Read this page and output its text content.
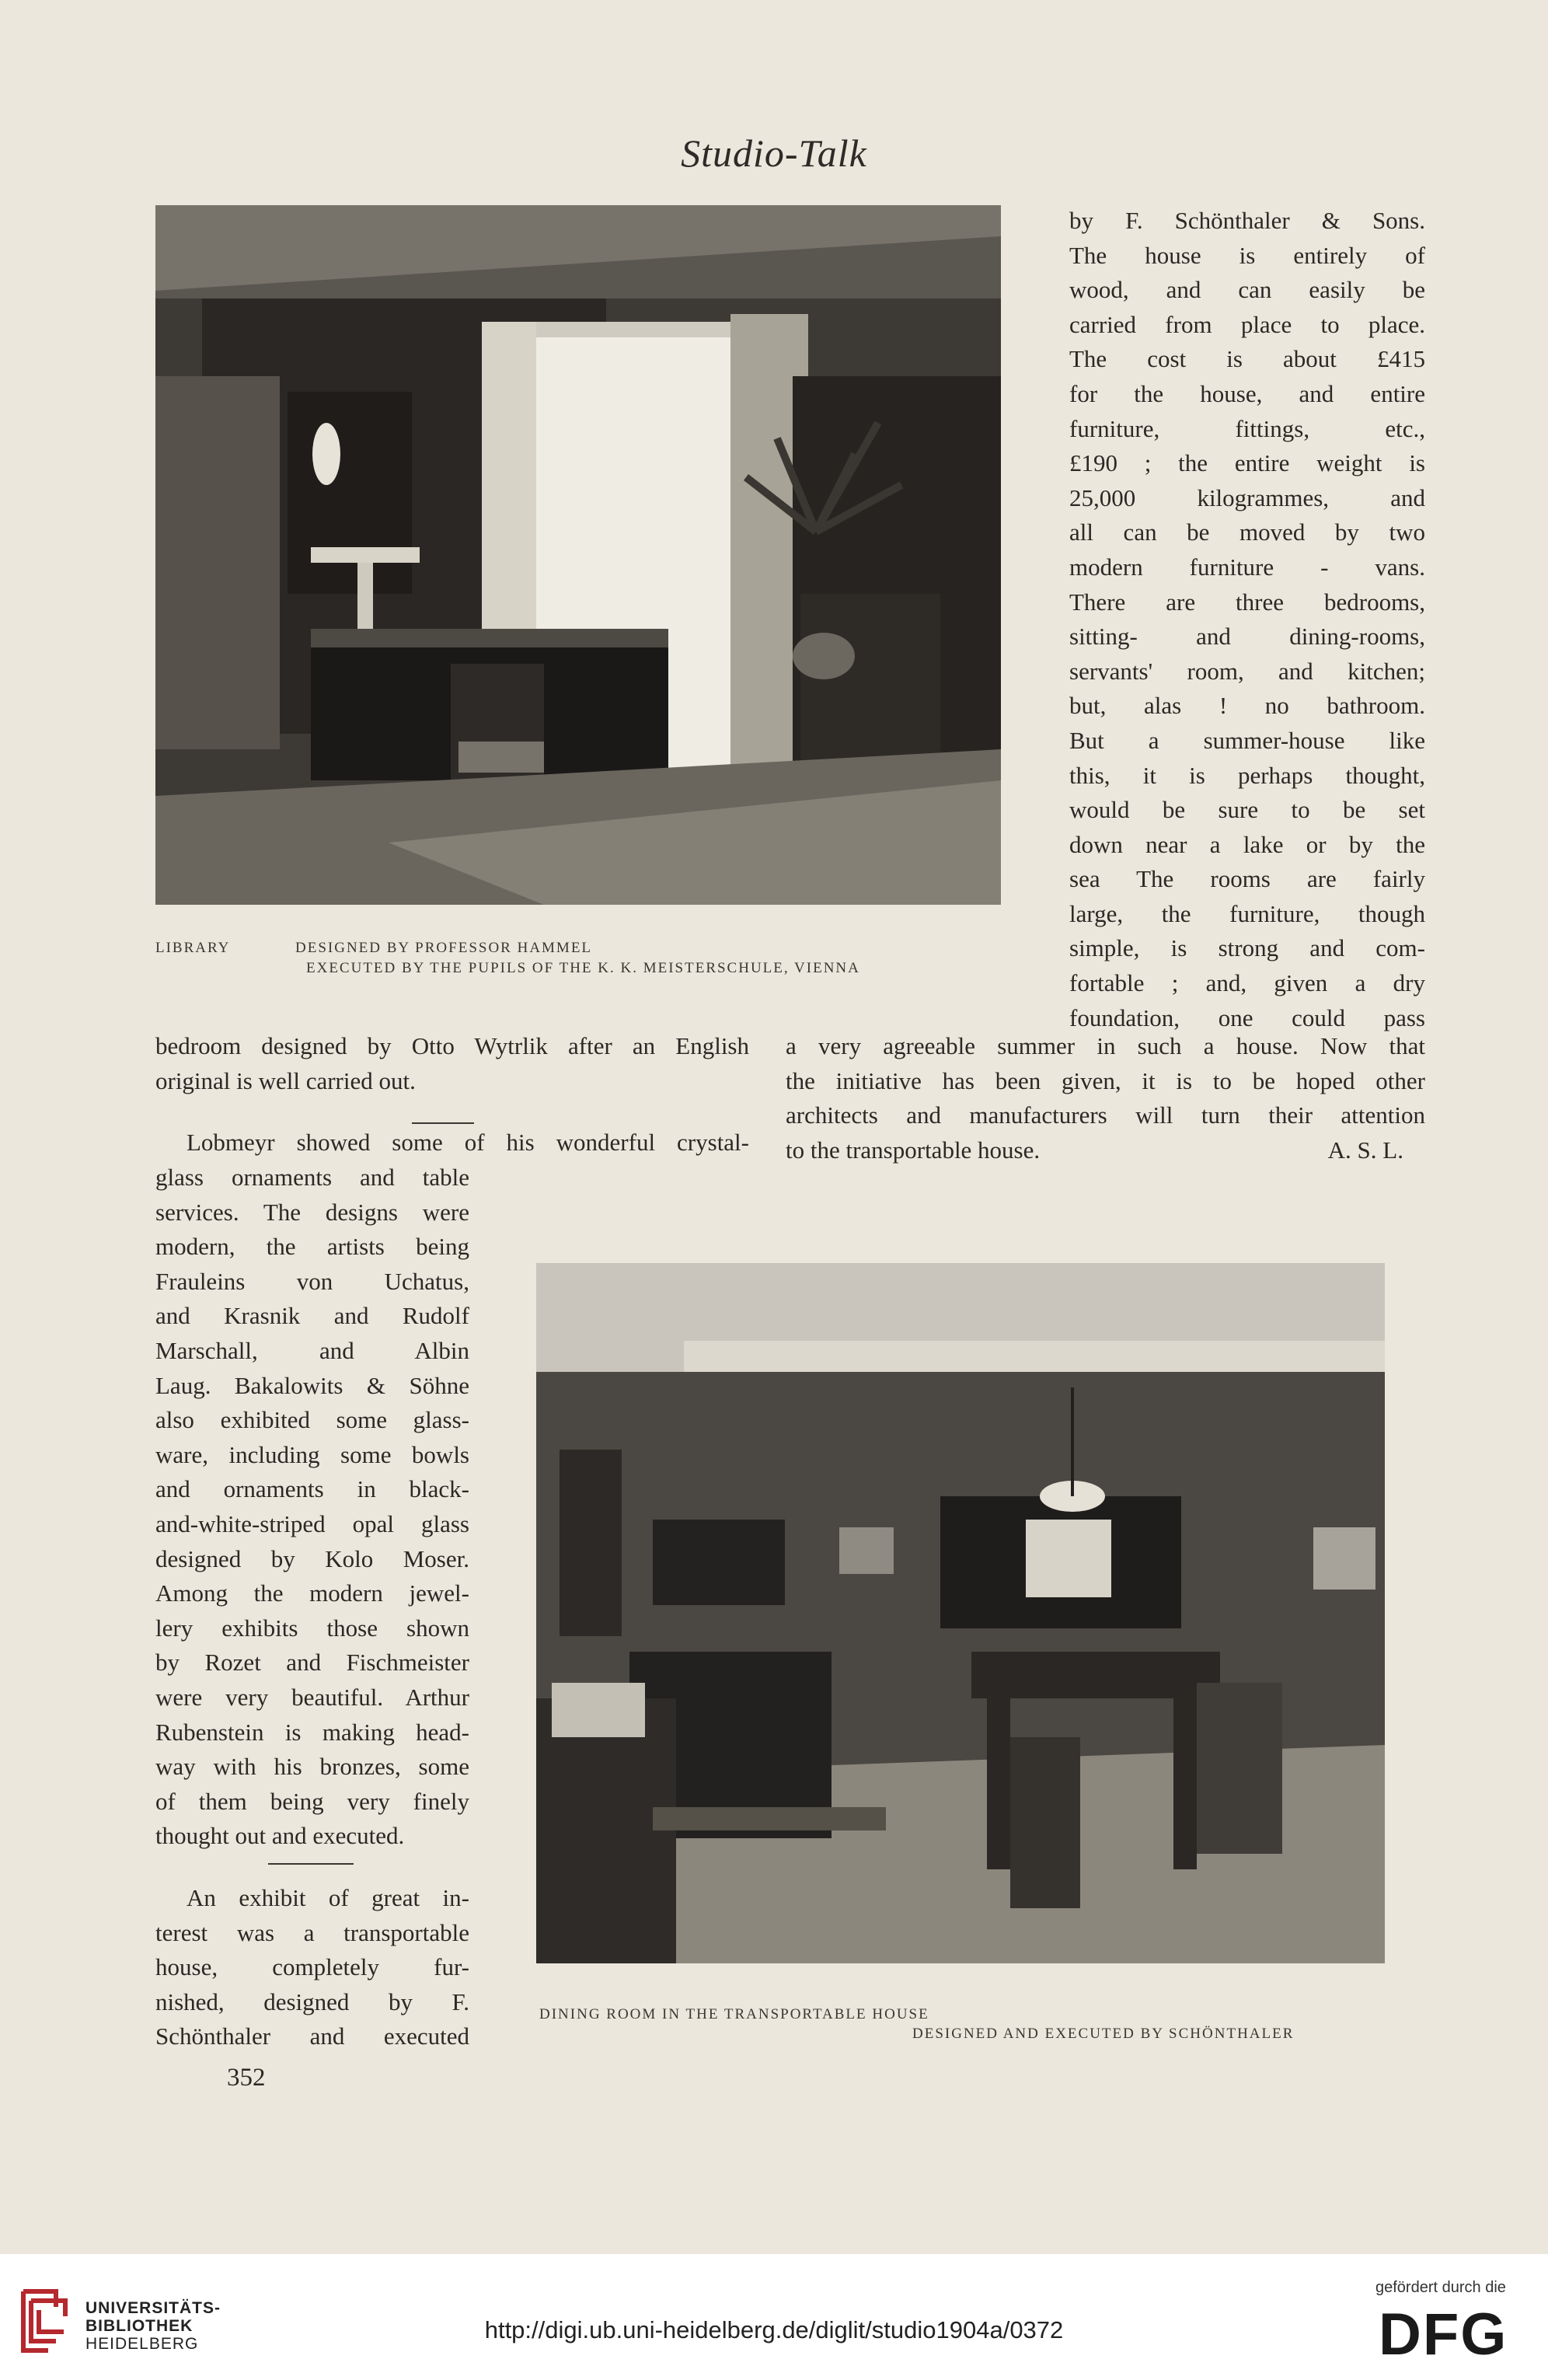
Studio-Talk
LIBRARY	DESIGNED BY PROFESSOR HAMMEL
EXECUTED BY THE PUPILS OF THE K. K. MEISTERSCHULE, VIENNA
by F. Schönthaler & Sons.
The house is entirely of
wood, and can easily be
carried from place to place.
The cost is about £415
for the house, and entire
furniture, fittings, etc.,
£190 ; the entire weight is
25,000 kilogrammes, and
all can be moved by two
modern furniture - vans.
There are three bedrooms,
sitting- and dining-rooms,
servants' room, and kitchen;
but, alas ! no bathroom.
But a summer-house like
this, it is perhaps thought,
would be sure to be set
down near a lake or by the
sea The rooms are fairly
large, the furniture, though
simple, is strong and com-
fortable ; and, given a dry
foundation, one could pass
a very agreeable summer in such a house. Now that
the initiative has been given, it is to be hoped other
architects and manufacturers will turn their attention
to the transportable house.	A. S. L.
bedroom designed by Otto Wytrlik after an English
original is well carried out.
Lobmeyr showed some of his wonderful crystal-
glass ornaments and table
services. The designs were
modern, the artists being
Frauleins von Uchatus,
and Krasnik and Rudolf
Marschall, and Albin
Laug. Bakalowits & Söhne
also exhibited some glass-
ware, including some bowls
and ornaments in black-
and-white-striped opal glass
designed by Kolo Moser.
Among the modern jewel-
lery exhibits those shown
by Rozet and Fischmeister
were very beautiful. Arthur
Rubenstein is making head-
way with his bronzes, some
of them being very finely
thought out and executed.
An exhibit of great in-
terest was a transportable
house, completely fur-
nished, designed by F.
Schönthaler and executed
DINING ROOM IN THE TRANSPORTABLE HOUSE
DESIGNED AND EXECUTED BY SCHÖNTHALER
352
UNIVERSITÄTS-
BIBLIOTHEK
HEIDELBERG
http://digi.ub.uni-heidelberg.de/diglit/studio1904a/0372
gefördert durch die
DFG
